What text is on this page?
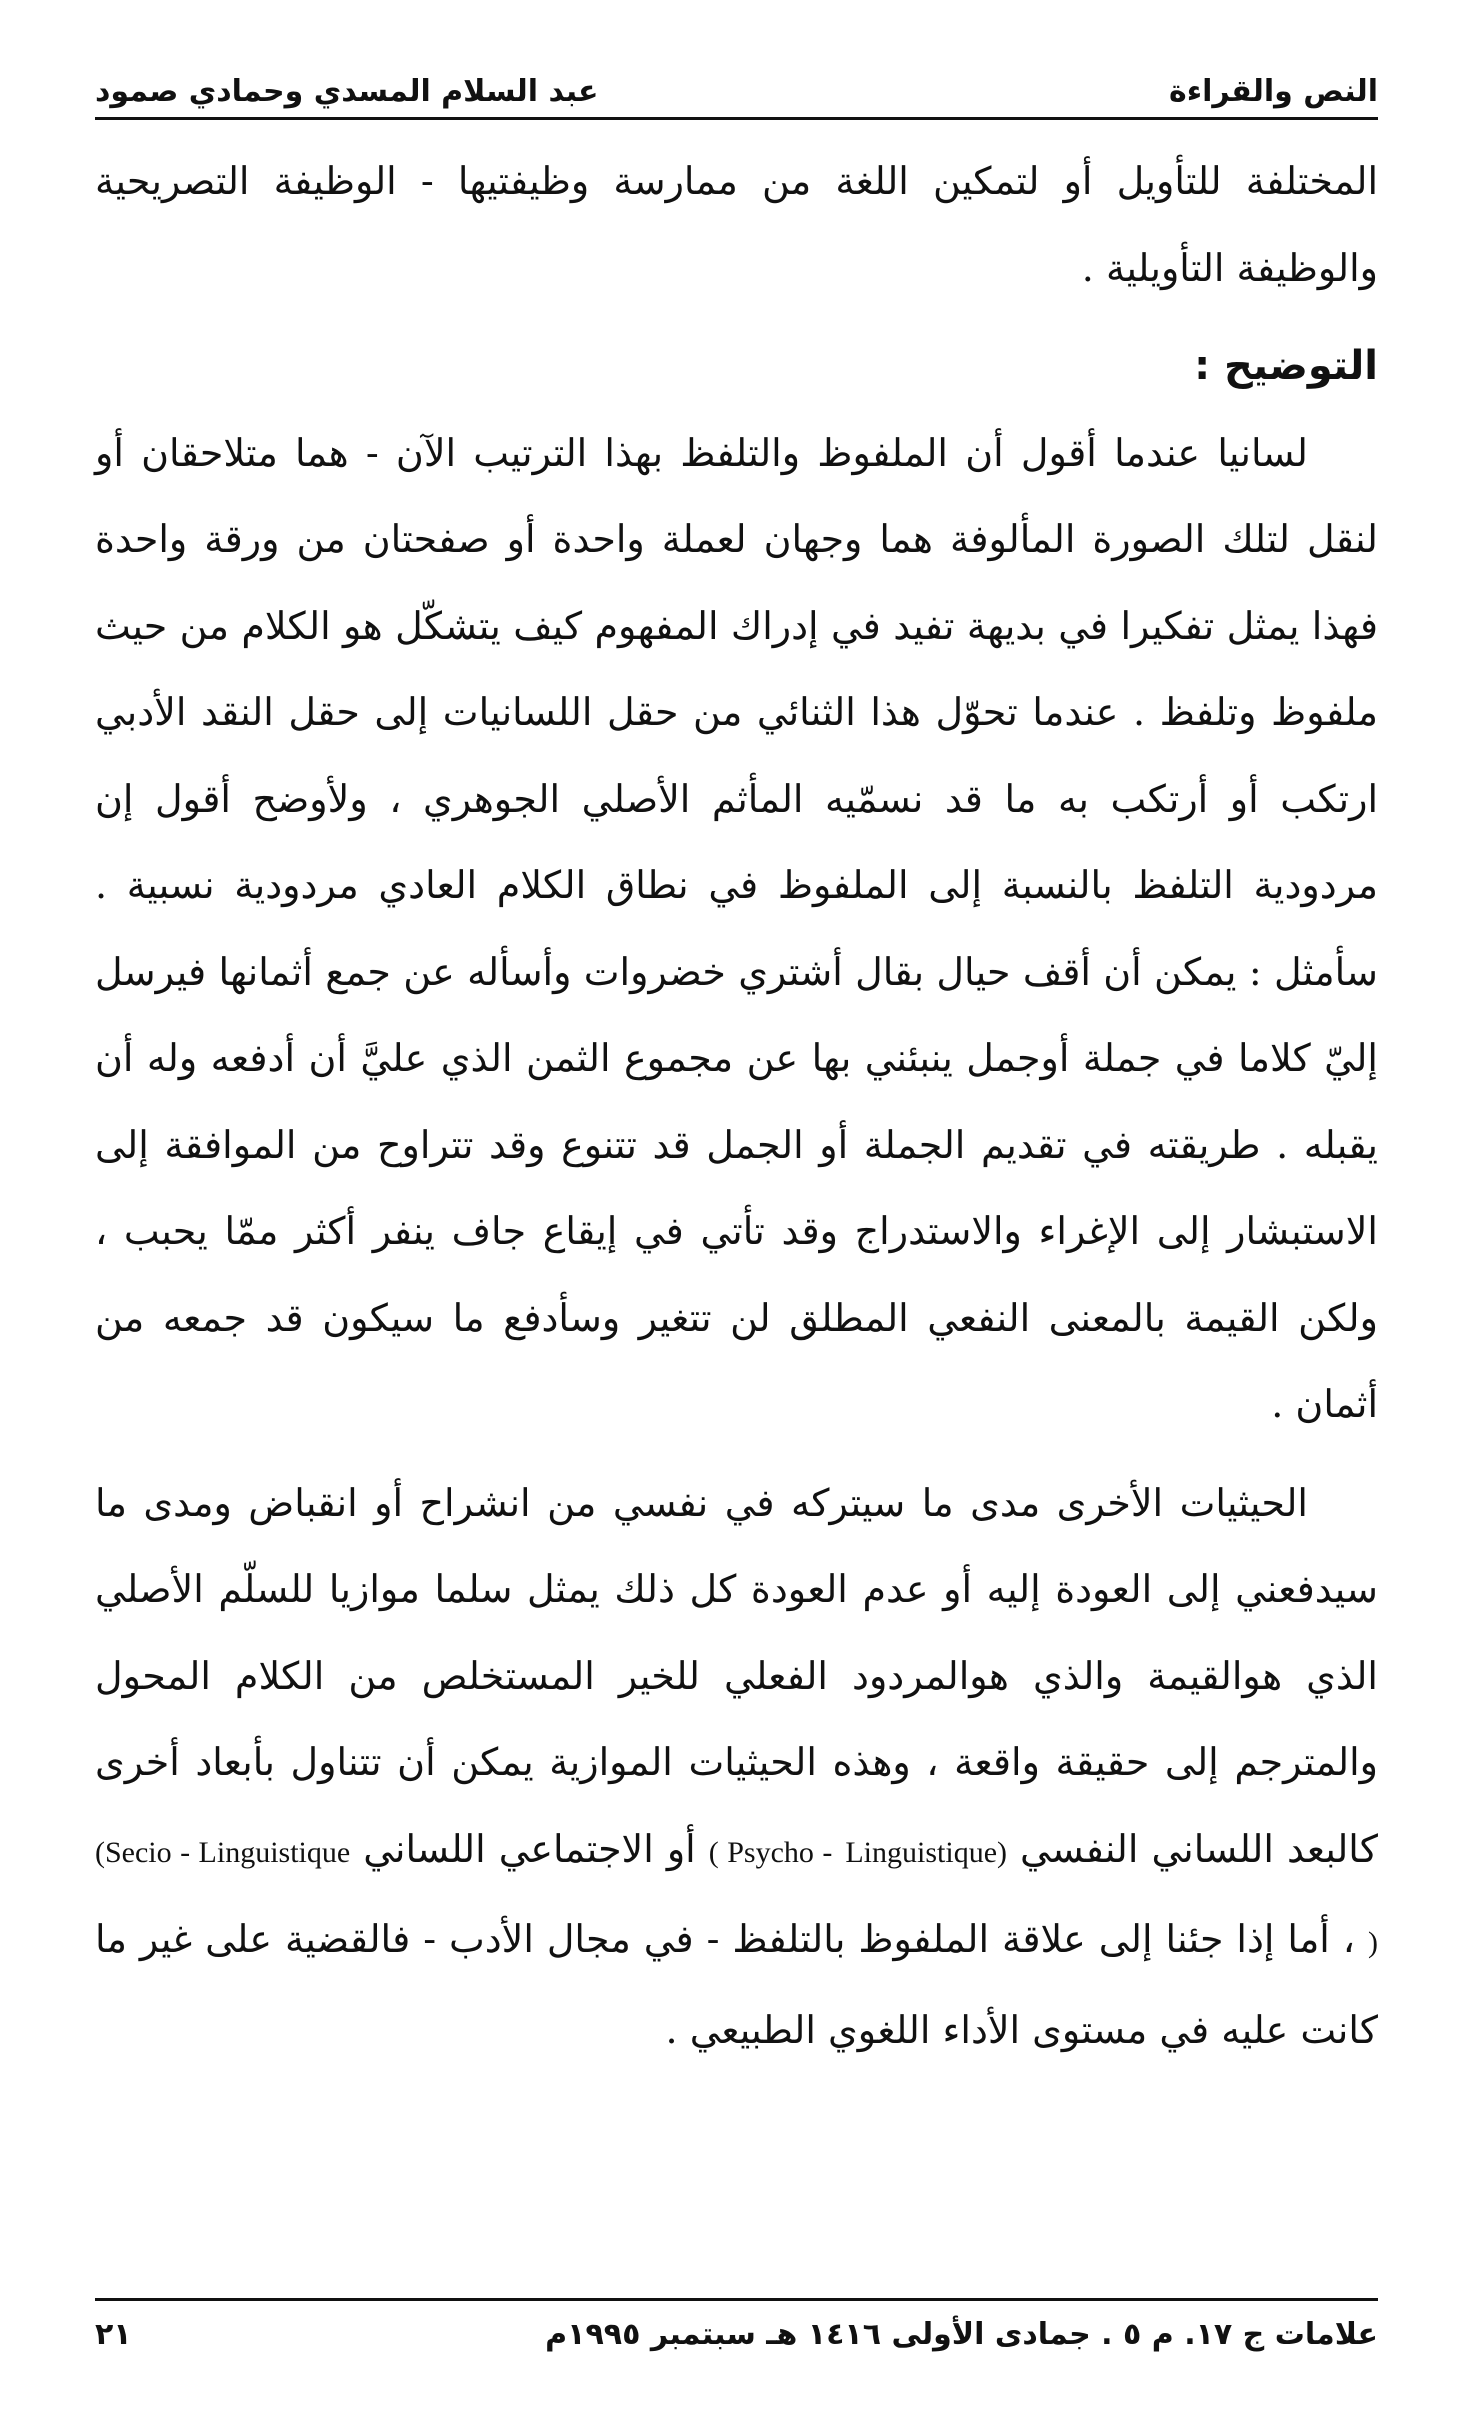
النص والقراءة
عبد السلام المسدي وحمادي صمود

المختلفة للتأويل أو لتمكين اللغة من ممارسة وظيفتيها - الوظيفة التصريحية والوظيفة التأويلية .

التوضيح :

لسانيا عندما أقول أن الملفوظ والتلفظ بهذا الترتيب الآن - هما متلاحقان أو لنقل لتلك الصورة المألوفة هما وجهان لعملة واحدة أو صفحتان من ورقة واحدة فهذا يمثل تفكيرا في بديهة تفيد في إدراك المفهوم كيف يتشكّل هو الكلام من حيث ملفوظ وتلفظ . عندما تحوّل هذا الثنائي من حقل اللسانيات إلى حقل النقد الأدبي ارتكب أو أرتكب به ما قد نسمّيه المأثم الأصلي الجوهري ، ولأوضح أقول إن مردودية التلفظ بالنسبة إلى الملفوظ في نطاق الكلام العادي مردودية نسبية . سأمثل : يمكن أن أقف حيال بقال أشتري خضروات وأسأله عن جمع أثمانها فيرسل إليّ كلاما في جملة أوجمل ينبئني بها عن مجموع الثمن الذي عليَّ أن أدفعه وله أن يقبله . طريقته في تقديم الجملة أو الجمل قد تتنوع وقد تتراوح من الموافقة إلى الاستبشار إلى الإغراء والاستدراج وقد تأتي في إيقاع جاف ينفر أكثر ممّا يحبب ، ولكن القيمة بالمعنى النفعي المطلق لن تتغير وسأدفع ما سيكون قد جمعه من أثمان .

الحيثيات الأخرى مدى ما سيتركه في نفسي من انشراح أو انقباض ومدى ما سيدفعني إلى العودة إليه أو عدم العودة كل ذلك يمثل سلما موازيا للسلّم الأصلي الذي هوالقيمة والذي هوالمردود الفعلي للخير المستخلص من الكلام المحول والمترجم إلى حقيقة واقعة ، وهذه الحيثيات الموازية يمكن أن تتناول بأبعاد أخرى كالبعد اللساني النفسي ( Psycho - Linguistique) أو الاجتماعي اللساني (Secio - Linguistique ) ، أما إذا جئنا إلى علاقة الملفوظ بالتلفظ - في مجال الأدب - فالقضية على غير ما كانت عليه في مستوى الأداء اللغوي الطبيعي .

علامات ج ١٧. م ٥ . جمادى الأولى ١٤١٦ هـ سبتمبر ١٩٩٥م
٢١
